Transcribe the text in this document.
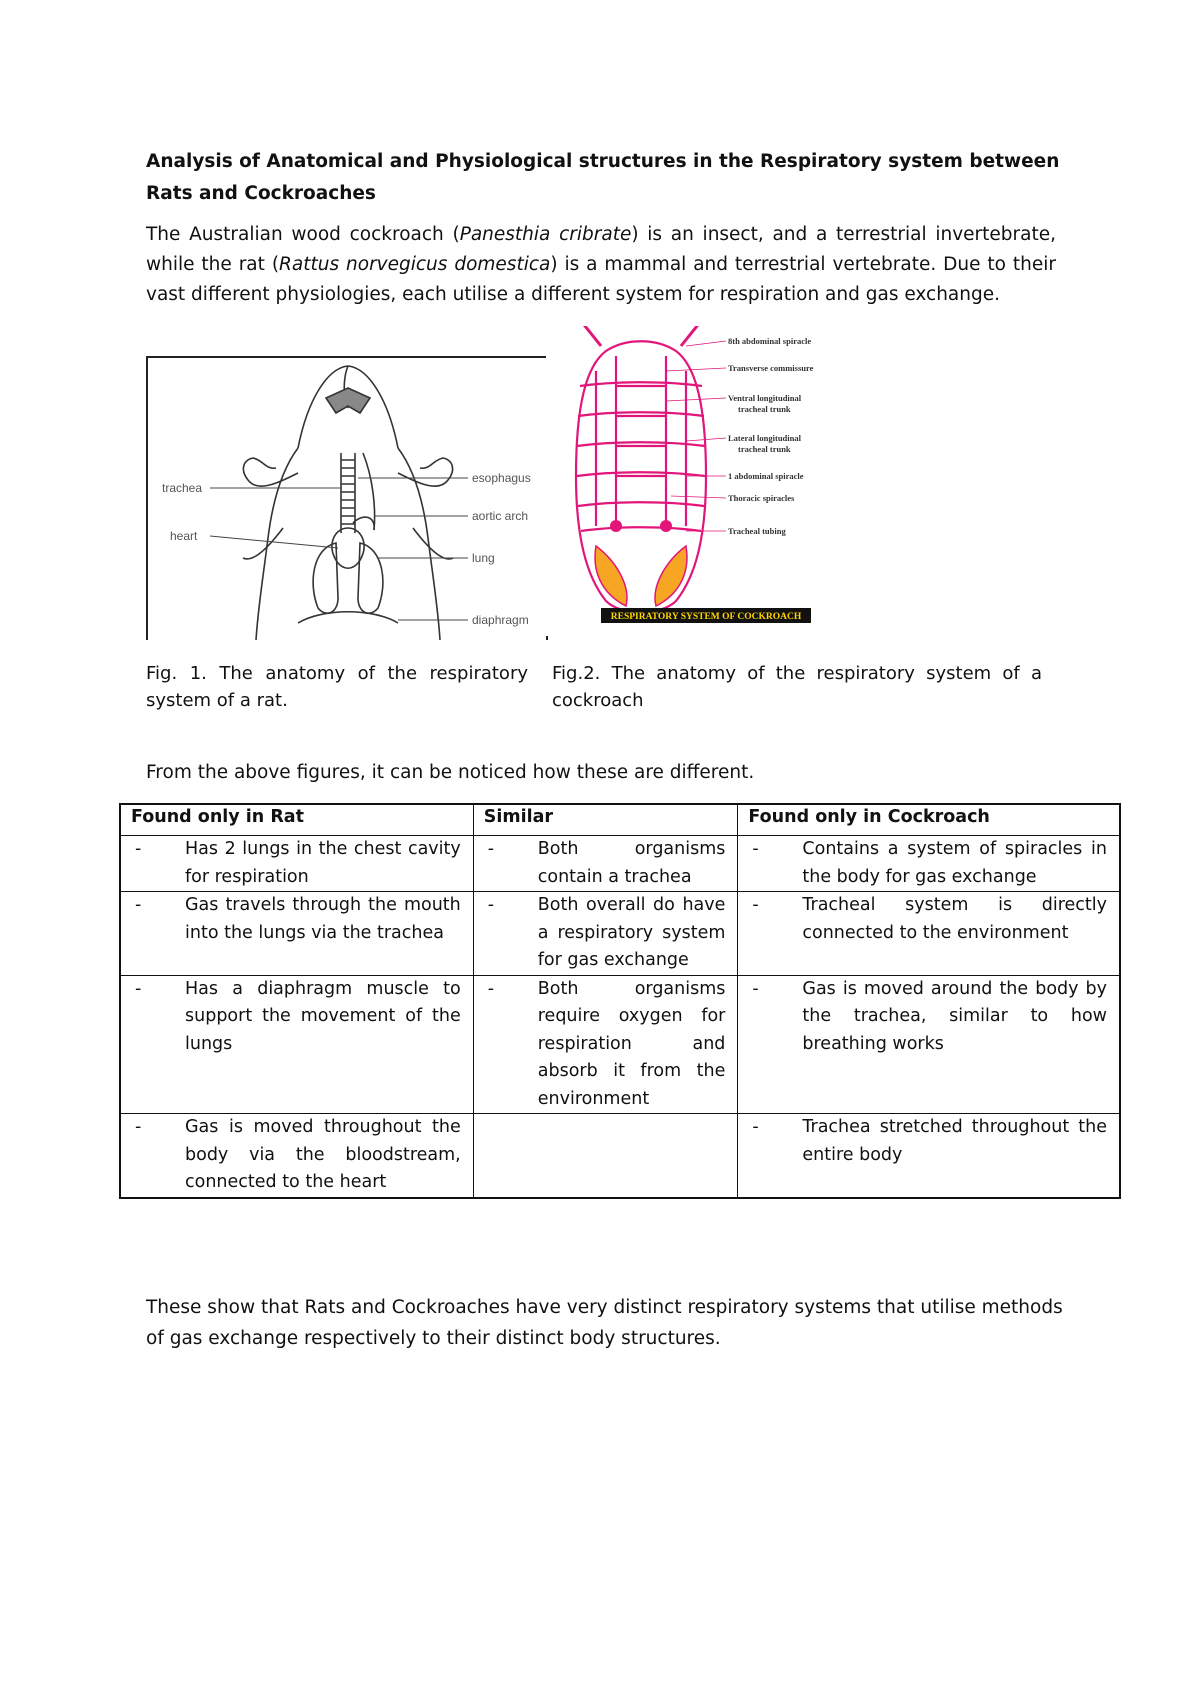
Analysis of Anatomical and Physiological structures in the Respiratory system between Rats and Cockroaches
The Australian wood cockroach (Panesthia cribrate) is an insect, and a terrestrial invertebrate, while the rat (Rattus norvegicus domestica) is a mammal and terrestrial vertebrate. Due to their vast different physiologies, each utilise a different system for respiration and gas exchange.
trachea
heart
esophagus
aortic arch
lung
diaphragm
8th abdominal spiracle
Transverse commissure
Ventral longitudinal
tracheal trunk
Lateral longitudinal
tracheal trunk
1 abdominal spiracle
Thoracic spiracles
Tracheal tubing
RESPIRATORY SYSTEM OF COCKROACH
Fig. 1. The anatomy of the respiratory system of a rat.
Fig.2. The anatomy of the respiratory system of a cockroach
From the above figures, it can be noticed how these are different.
Found only in Rat	Similar	Found only in Cockroach

- Has 2 lungs in the chest cavity for respiration	- Both organisms contain a trachea	- Contains a system of spiracles in the body for gas exchange

- Gas travels through the mouth into the lungs via the trachea	- Both overall do have a respiratory system for gas exchange	- Tracheal system is directly connected to the environment

- Has a diaphragm muscle to support the movement of the lungs	- Both organisms require oxygen for respiration and absorb it from the environment	- Gas is moved around the body by the trachea, similar to how breathing works

- Gas is moved throughout the body via the bloodstream, connected to the heart		- Trachea stretched throughout the entire body
These show that Rats and Cockroaches have very distinct respiratory systems that utilise methods of gas exchange respectively to their distinct body structures.
